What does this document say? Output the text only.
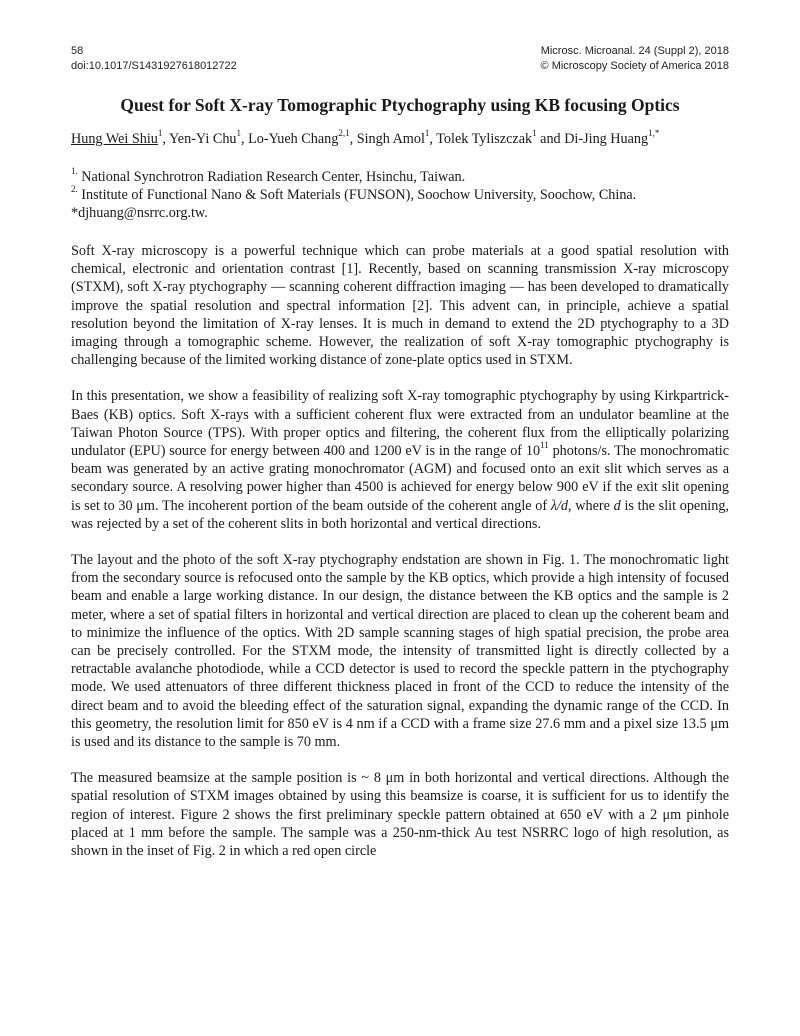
58
doi:10.1017/S1431927618012722
Microsc. Microanal. 24 (Suppl 2), 2018
© Microscopy Society of America 2018
Quest for Soft X-ray Tomographic Ptychography using KB focusing Optics
Hung Wei Shiu$^1$, Yen-Yi Chu$^1$, Lo-Yueh Chang$^{2,1}$, Singh Amol$^1$, Tolek Tyliszczak$^1$ and Di-Jing Huang$^{1,*}$
$^{1.}$ National Synchrotron Radiation Research Center, Hsinchu, Taiwan.
$^{2.}$ Institute of Functional Nano & Soft Materials (FUNSON), Soochow University, Soochow, China.
*djhuang@nsrrc.org.tw.

Soft X-ray microscopy is a powerful technique which can probe materials at a good spatial resolution with chemical, electronic and orientation contrast [1]. Recently, based on scanning transmission X-ray microscopy (STXM), soft X-ray ptychography — scanning coherent diffraction imaging — has been developed to dramatically improve the spatial resolution and spectral information [2]. This advent can, in principle, achieve a spatial resolution beyond the limitation of X-ray lenses. It is much in demand to extend the 2D ptychography to a 3D imaging through a tomographic scheme. However, the realization of soft X-ray tomographic ptychography is challenging because of the limited working distance of zone-plate optics used in STXM.

In this presentation, we show a feasibility of realizing soft X-ray tomographic ptychography by using Kirkpartrick-Baes (KB) optics. Soft X-rays with a sufficient coherent flux were extracted from an undulator beamline at the Taiwan Photon Source (TPS). With proper optics and filtering, the coherent flux from the elliptically polarizing undulator (EPU) source for energy between 400 and 1200 eV is in the range of $10^{11}$ photons/s. The monochromatic beam was generated by an active grating monochromator (AGM) and focused onto an exit slit which serves as a secondary source. A resolving power higher than 4500 is achieved for energy below 900 eV if the exit slit opening is set to 30 μm. The incoherent portion of the beam outside of the coherent angle of λ/d, where d is the slit opening, was rejected by a set of the coherent slits in both horizontal and vertical directions.

The layout and the photo of the soft X-ray ptychography endstation are shown in Fig. 1. The monochromatic light from the secondary source is refocused onto the sample by the KB optics, which provide a high intensity of focused beam and enable a large working distance. In our design, the distance between the KB optics and the sample is 2 meter, where a set of spatial filters in horizontal and vertical direction are placed to clean up the coherent beam and to minimize the influence of the optics. With 2D sample scanning stages of high spatial precision, the probe area can be precisely controlled. For the STXM mode, the intensity of transmitted light is directly collected by a retractable avalanche photodiode, while a CCD detector is used to record the speckle pattern in the ptychography mode. We used attenuators of three different thickness placed in front of the CCD to reduce the intensity of the direct beam and to avoid the bleeding effect of the saturation signal, expanding the dynamic range of the CCD. In this geometry, the resolution limit for 850 eV is 4 nm if a CCD with a frame size 27.6 mm and a pixel size 13.5 μm is used and its distance to the sample is 70 mm.

The measured beamsize at the sample position is ~ 8 μm in both horizontal and vertical directions. Although the spatial resolution of STXM images obtained by using this beamsize is coarse, it is sufficient for us to identify the region of interest. Figure 2 shows the first preliminary speckle pattern obtained at 650 eV with a 2 μm pinhole placed at 1 mm before the sample. The sample was a 250-nm-thick Au test NSRRC logo of high resolution, as shown in the inset of Fig. 2 in which a red open circle
